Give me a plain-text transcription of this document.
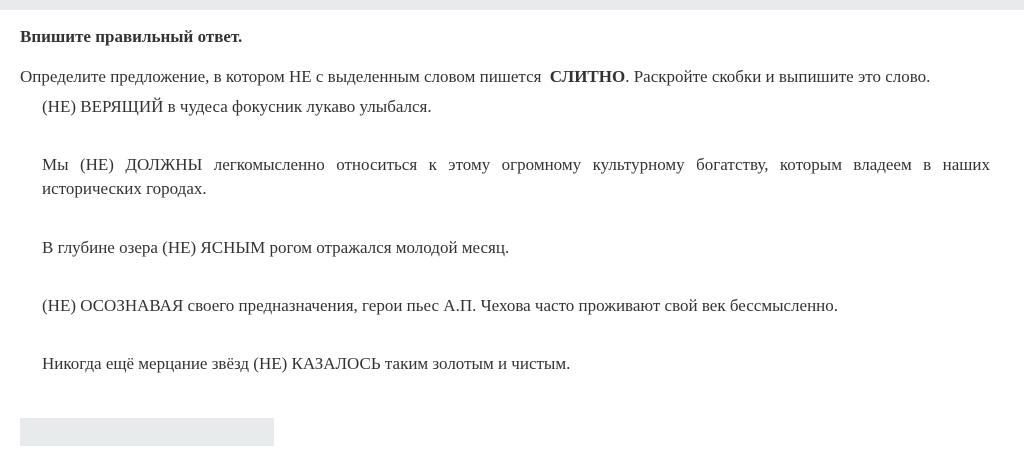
Впишите правильный ответ.
Определите предложение, в котором НЕ с выделенным словом пишется СЛИТНО. Раскройте скобки и выпишите это слово.
(НЕ) ВЕРЯЩИЙ в чудеса фокусник лукаво улыбался.
Мы (НЕ) ДОЛЖНЫ легкомысленно относиться к этому огромному культурному богатству, которым владеем в наших исторических городах.
В глубине озера (НЕ) ЯСНЫМ рогом отражался молодой месяц.
(НЕ) ОСОЗНАВАЯ своего предназначения, герои пьес А.П. Чехова часто проживают свой век бессмысленно.
Никогда ещё мерцание звёзд (НЕ) КАЗАЛОСЬ таким золотым и чистым.
